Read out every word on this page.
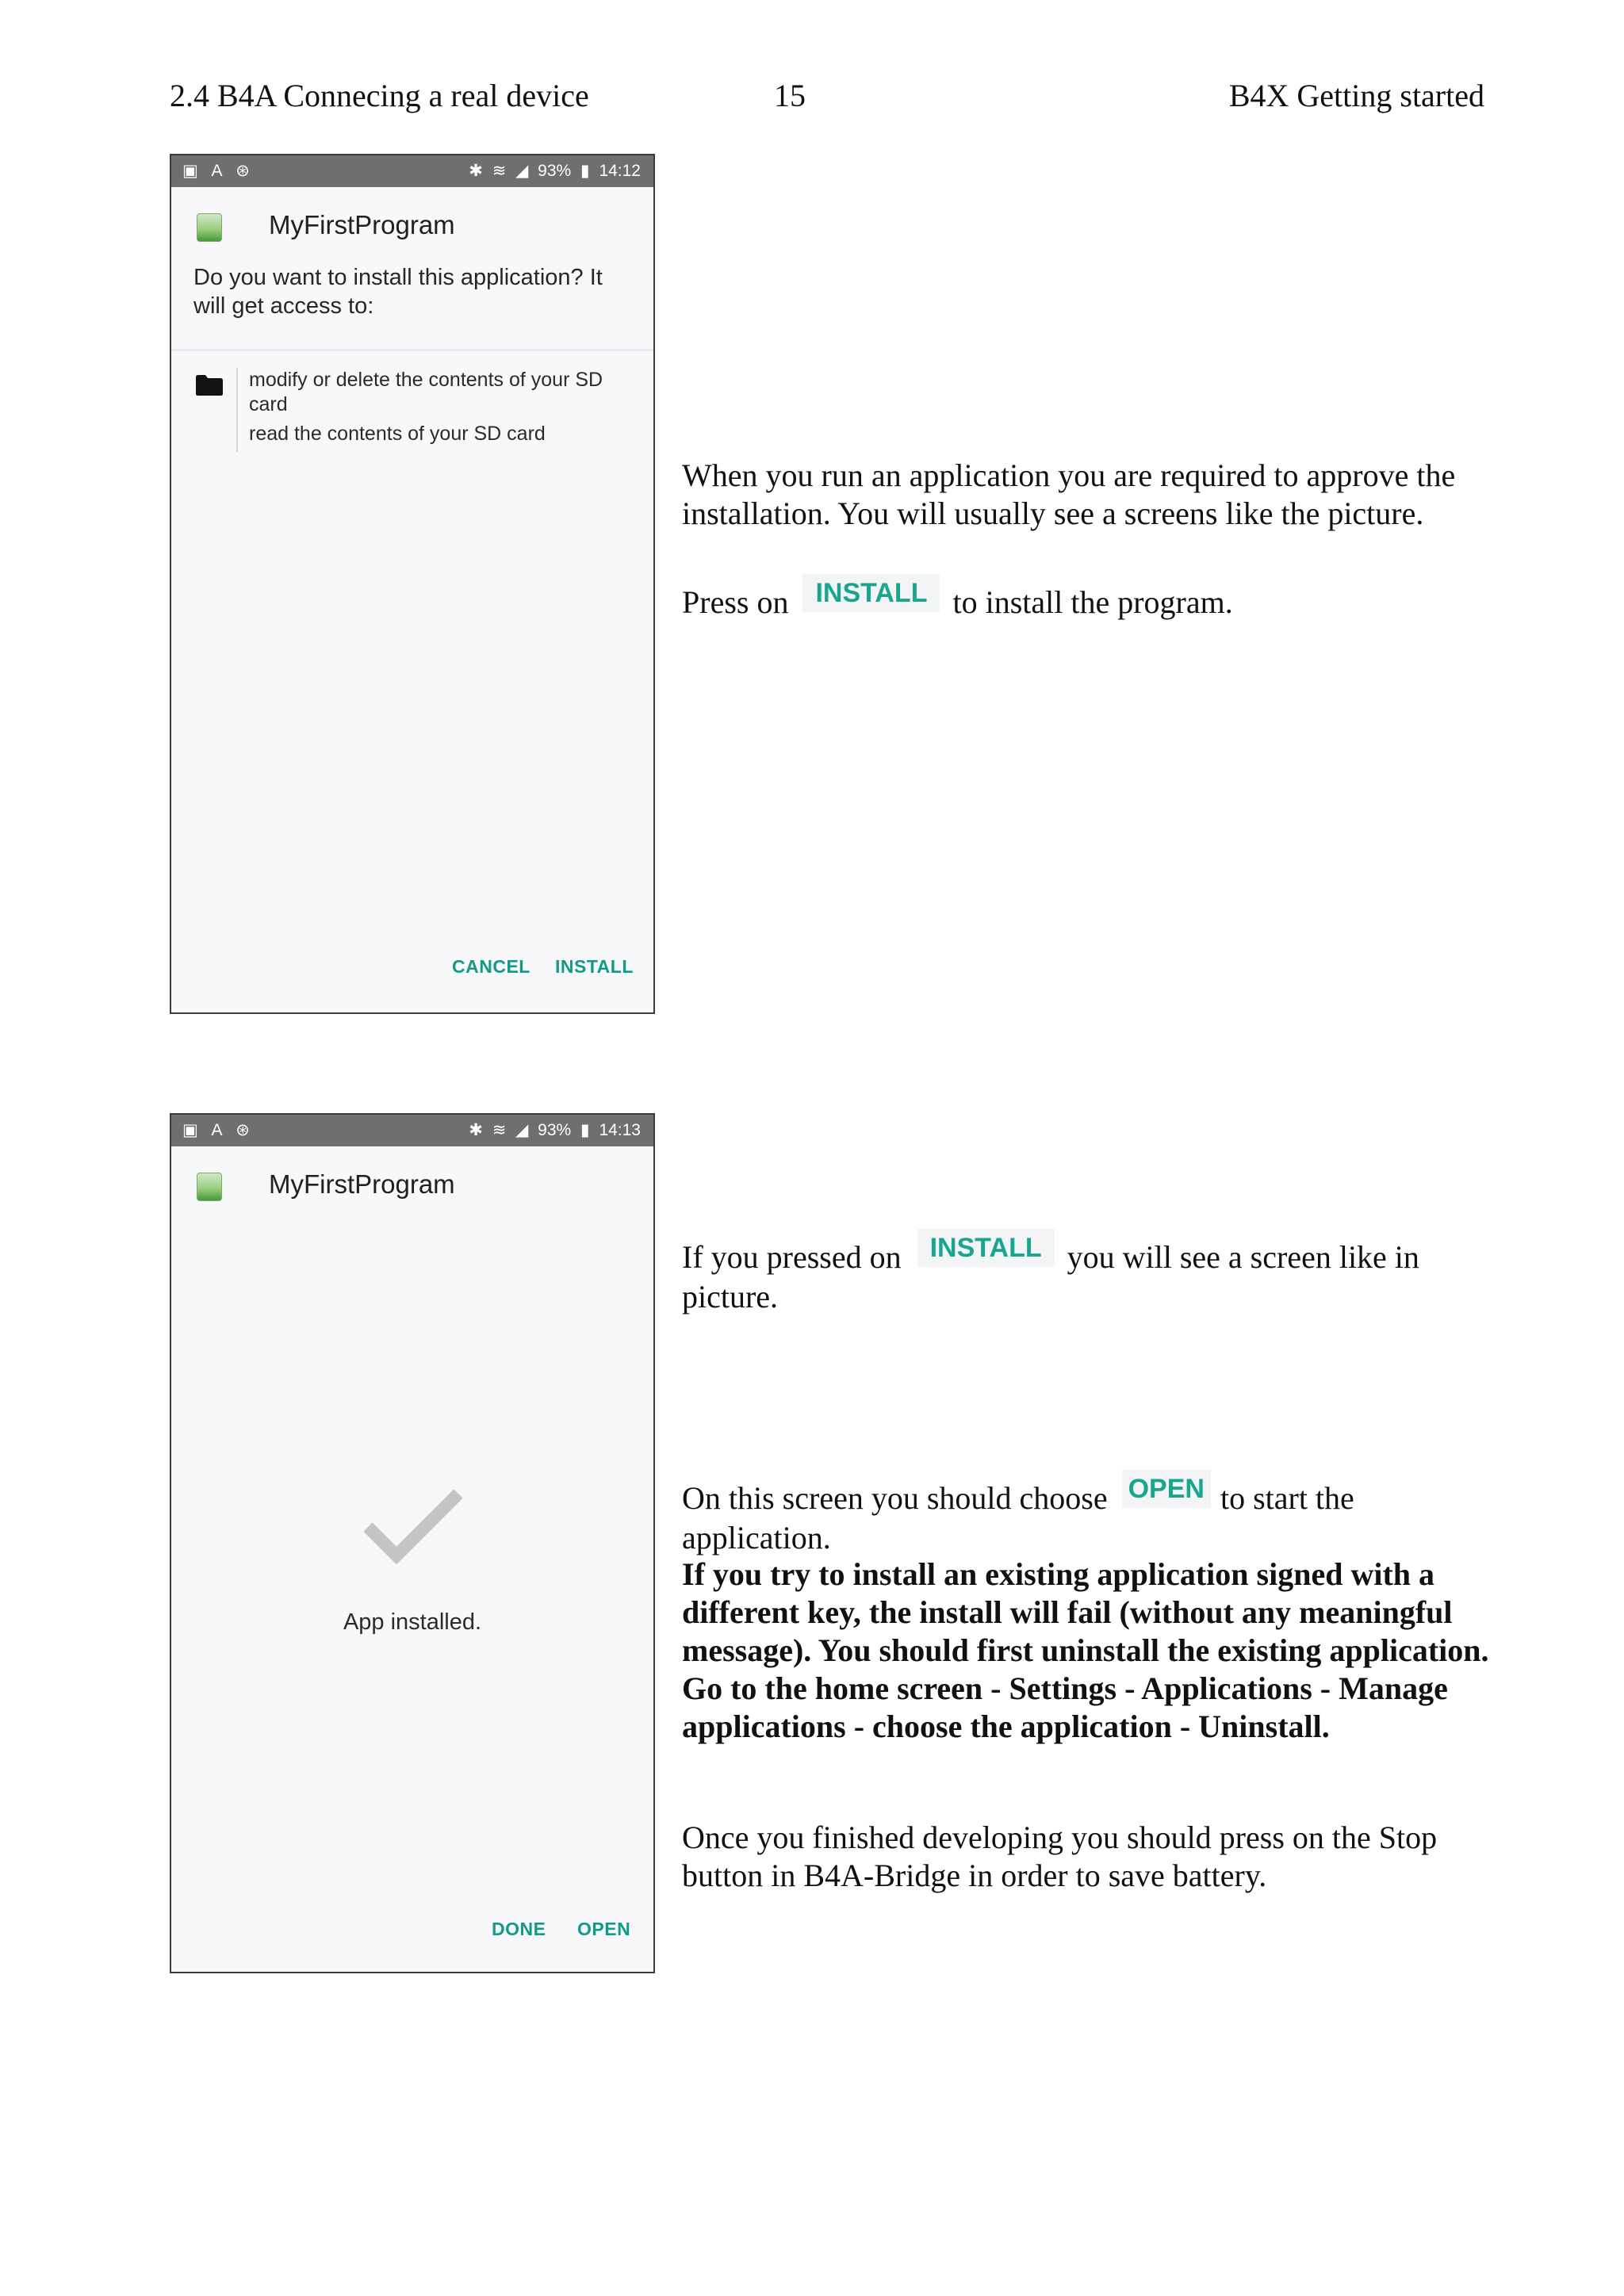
2.4 B4A Connecing a real device	15	B4X Getting started
▣ A ⊛	✱ ≋ ◢ 93% ▮ 14:12
MyFirstProgram
Do you want to install this application? It will get access to:
modify or delete the contents of your SD card
read the contents of your SD card
CANCEL INSTALL
▣ A ⊛	✱ ≋ ◢ 93% ▮ 14:13
MyFirstProgram
App installed.
DONE OPEN
When you run an application you are required to approve the installation. You will usually see a screens like the picture.
Press on INSTALL to install the program.
If you pressed on INSTALL you will see a screen like in picture.
On this screen you should choose OPEN to start the application.
If you try to install an existing application signed with a different key, the install will fail (without any meaningful message). You should first uninstall the existing application. Go to the home screen - Settings - Applications - Manage applications - choose the application - Uninstall.
Once you finished developing you should press on the Stop button in B4A-Bridge in order to save battery.
